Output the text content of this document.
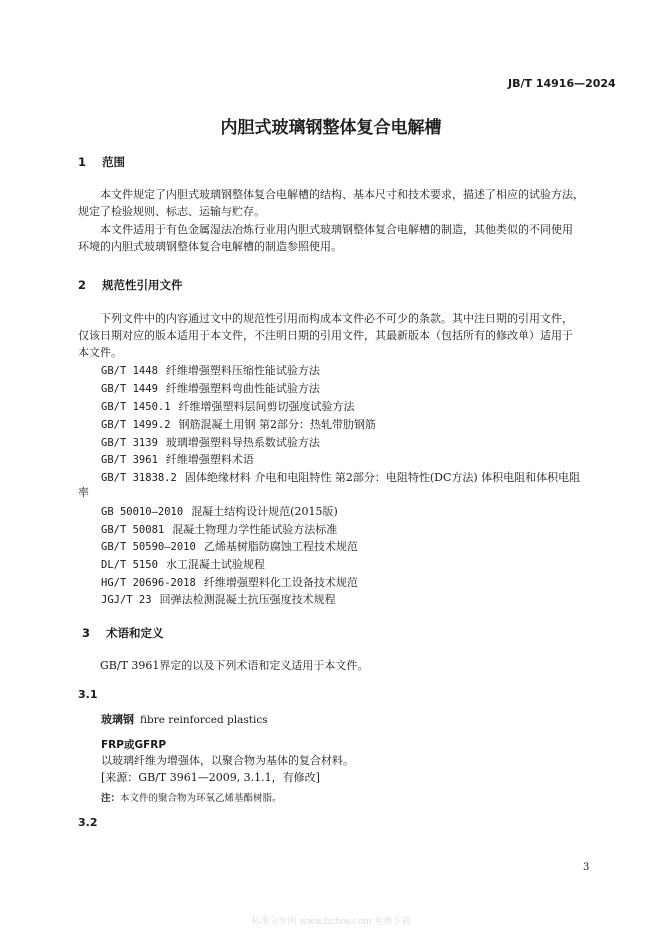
JB/T 14916—2024
内胆式玻璃钢整体复合电解槽
1 范围
本文件规定了内胆式玻璃钢整体复合电解槽的结构、基本尺寸和技术要求，描述了相应的试验方法，
规定了检验规则、标志、运输与贮存。
本文件适用于有色金属湿法冶炼行业用内胆式玻璃钢整体复合电解槽的制造，其他类似的不同使用
环境的内胆式玻璃钢整体复合电解槽的制造参照使用。
2 规范性引用文件
下列文件中的内容通过文中的规范性引用而构成本文件必不可少的条款。其中注日期的引用文件，
仅该日期对应的版本适用于本文件，不注明日期的引用文件，其最新版本（包括所有的修改单）适用于
本文件。
GB/T 1448 纤维增强塑料压缩性能试验方法
GB/T 1449 纤维增强塑料弯曲性能试验方法
GB/T 1450.1 纤维增强塑料层间剪切强度试验方法
GB/T 1499.2 钢筋混凝土用钢 第2部分：热轧带肋钢筋
GB/T 3139 玻璃增强塑料导热系数试验方法
GB/T 3961 纤维增强塑料术语
GB/T 31838.2 固体绝缘材料 介电和电阻特性 第2部分：电阻特性(DC方法) 体积电阻和体积电阻
率
GB 50010—2010 混凝土结构设计规范(2015版)
GB/T 50081 混凝土物理力学性能试验方法标准
GB/T 50590—2010 乙烯基树脂防腐蚀工程技术规范
DL/T 5150 水工混凝土试验规程
HG/T 20696-2018 纤维增强塑料化工设备技术规范
JGJ/T 23 回弹法检测混凝土抗压强度技术规程
3 术语和定义
GB/T 3961界定的以及下列术语和定义适用于本文件。
3.1
玻璃钢 fibre reinforced plastics
FRP或GFRP
以玻璃纤维为增强体，以聚合物为基体的复合材料。
[来源：GB/T 3961—2009, 3.1.1，有修改]
注：本文件的聚合物为环氧乙烯基酯树脂。
3.2
3
标准分享网 www.bzfxw.com 免费下载
